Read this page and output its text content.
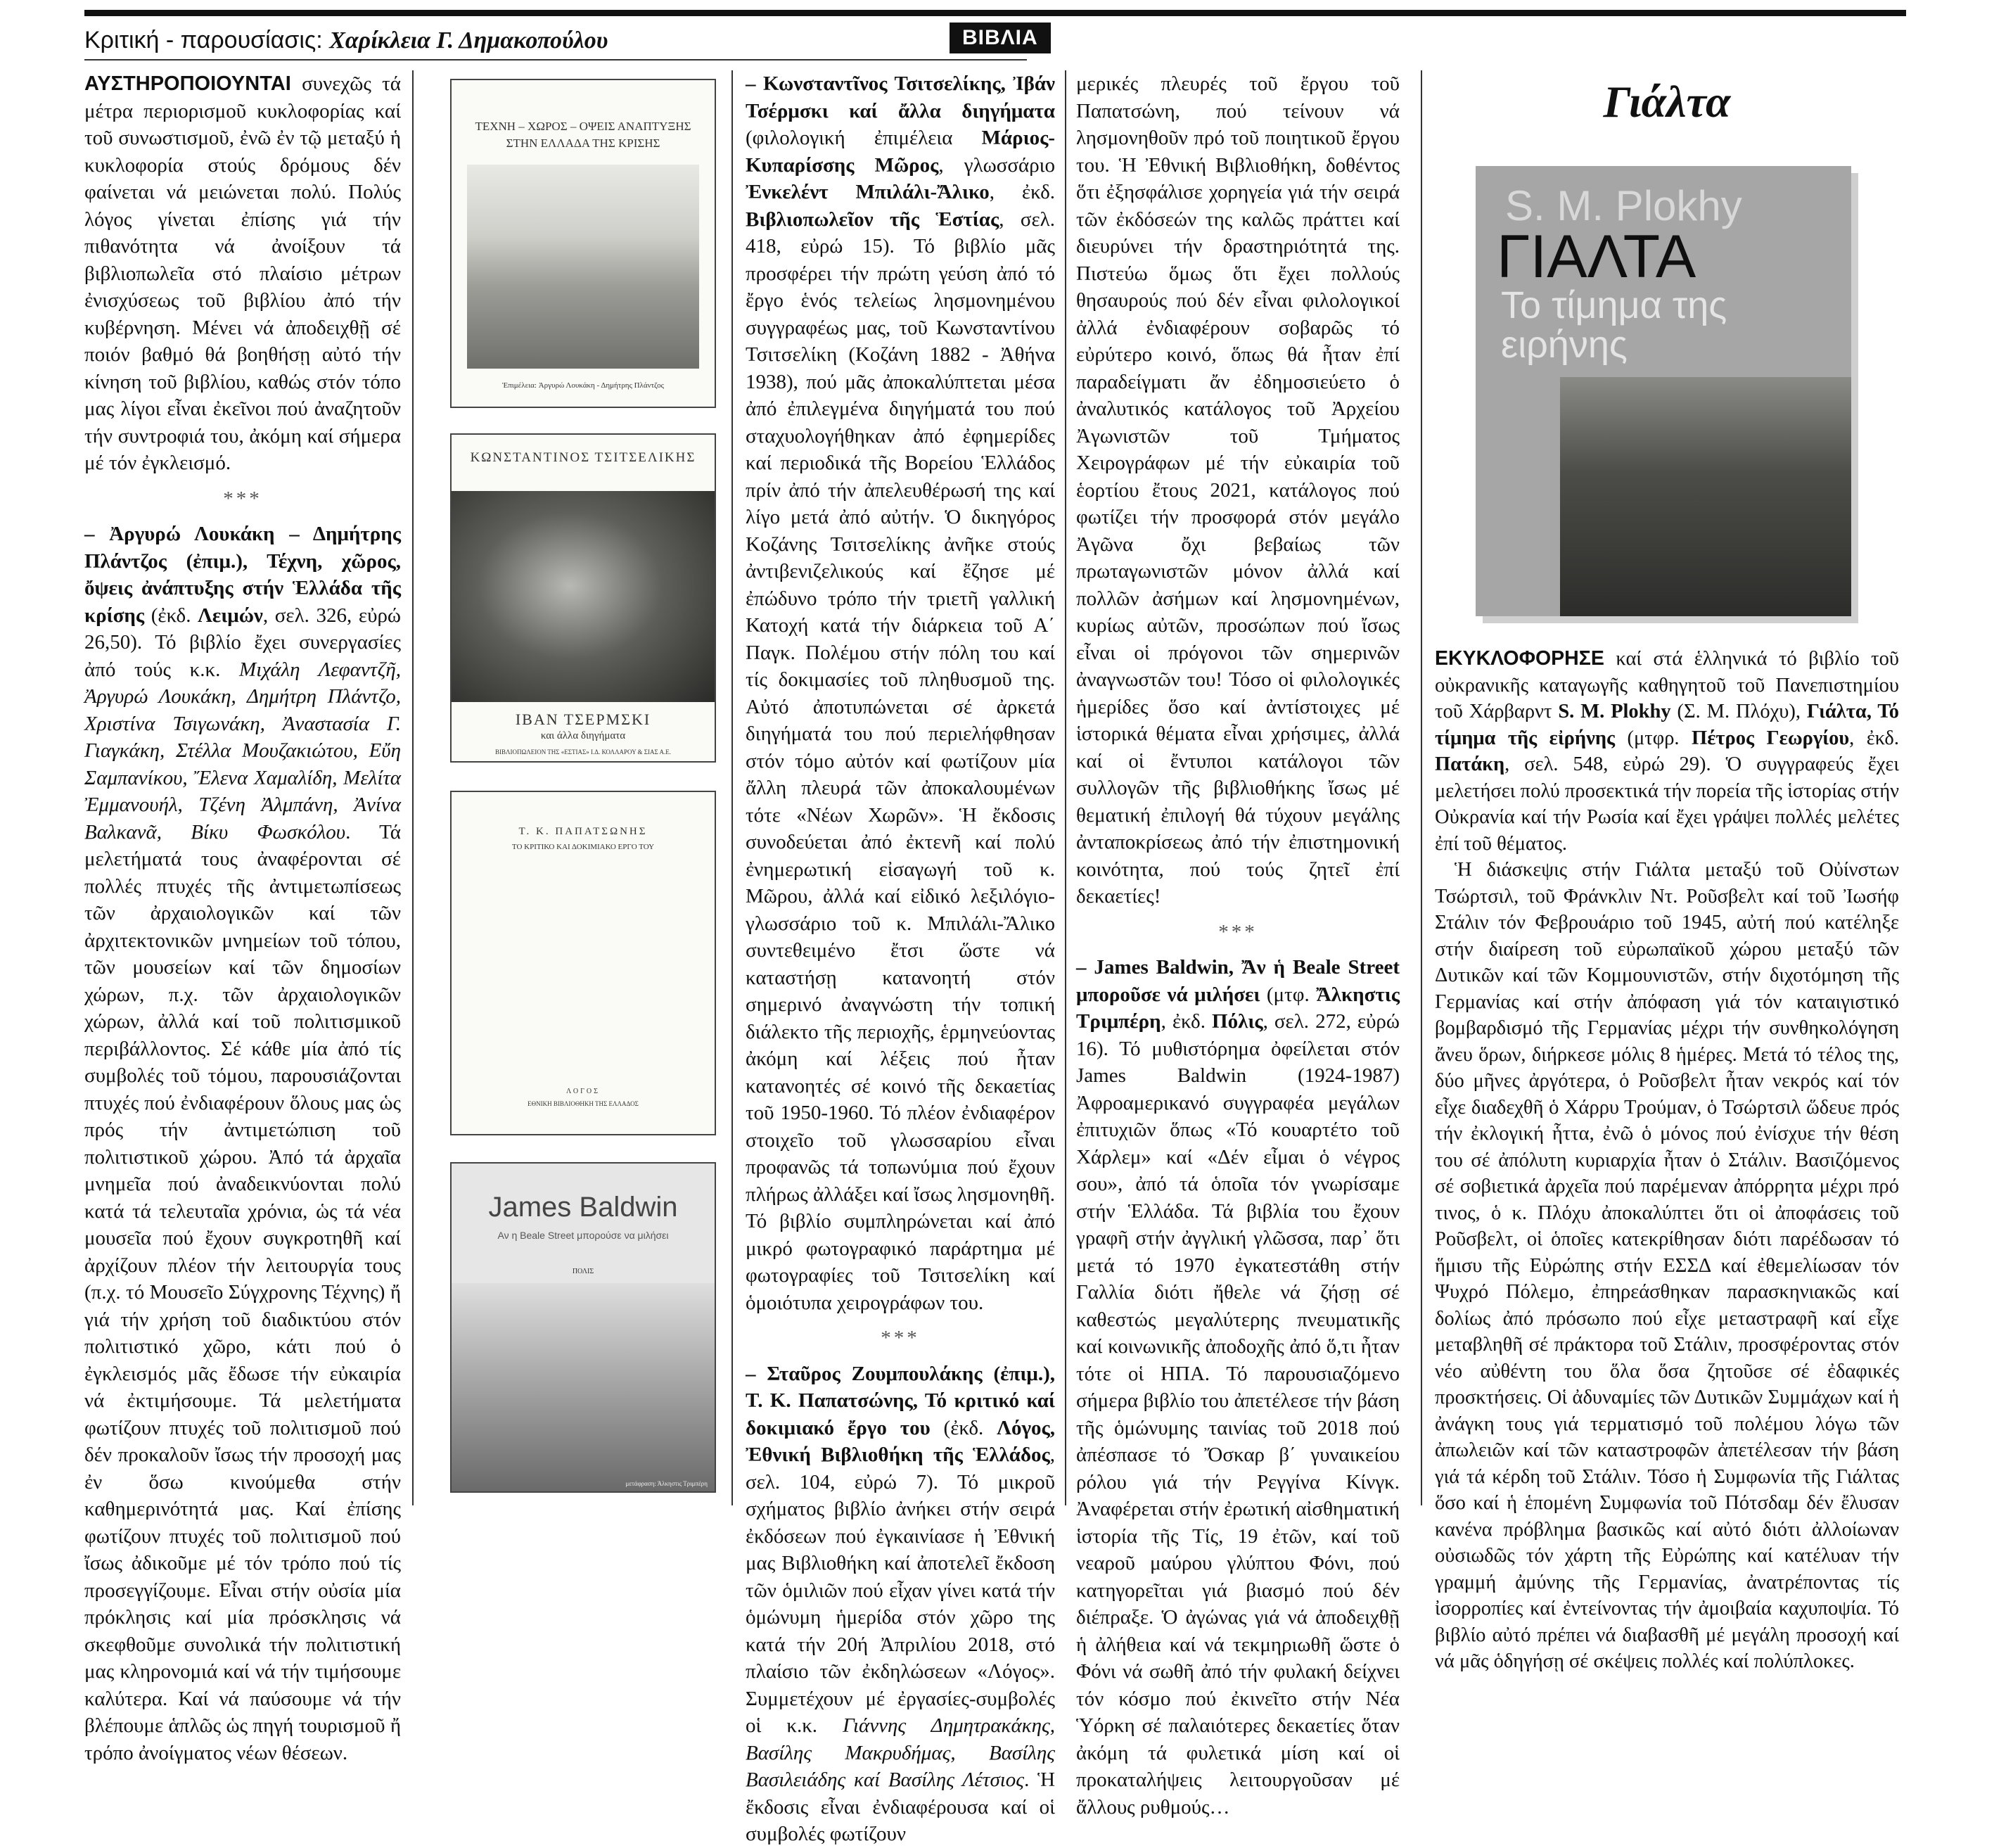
Κριτική - παρουσίασις: Χαρίκλεια Γ. Δημακοπούλου	ΒΙΒΛΙΑ

ΑΥΣΤΗΡΟΠΟΙΟΥΝΤΑΙ συνεχῶς τά μέτρα περιορισμοῦ κυκλοφορίας καί τοῦ συνωστισμοῦ, ἐνῶ ἐν τῷ μεταξύ ἡ κυκλοφορία στούς δρόμους δέν φαίνεται νά μειώνεται πολύ. Πολύς λόγος γίνεται ἐπίσης γιά τήν πιθανότητα νά ἀνοίξουν τά βιβλιοπωλεῖα στό πλαίσιο μέτρων ἐνισχύσεως τοῦ βιβλίου ἀπό τήν κυβέρνηση. Μένει νά ἀποδειχθῇ σέ ποιόν βαθμό θά βοηθήσῃ αὐτό τήν κίνηση τοῦ βιβλίου, καθώς στόν τόπο μας λίγοι εἶναι ἐκεῖνοι πού ἀναζητοῦν τήν συντροφιά του, ἀκόμη καί σήμερα μέ τόν ἐγκλεισμό.

***

– Ἀργυρώ Λουκάκη – Δημήτρης Πλάντζος (ἐπιμ.), Τέχνη, χῶρος, ὄψεις ἀνάπτυξης στήν Ἑλλάδα τῆς κρίσης (ἐκδ. Λειμών, σελ. 326, εὐρώ 26,50). Τό βιβλίο ἔχει συνεργασίες ἀπό τούς κ.κ. Μιχάλη Λεφαντζῆ, Ἀργυρώ Λουκάκη, Δημήτρη Πλάντζο, Χριστίνα Τσιγωνάκη, Ἀναστασία Γ. Γιαγκάκη, Στέλλα Μουζακιώτου, Εὔη Σαμπανίκου, Ἔλενα Χαμαλίδη, Μελίτα Ἐμμανουήλ, Τζένη Ἀλμπάνη, Ἀνίνα Βαλκανᾶ, Βίκυ Φωσκόλου. Τά μελετήματά τους ἀναφέρονται σέ πολλές πτυχές τῆς ἀντιμετωπίσεως τῶν ἀρχαιολογικῶν καί τῶν ἀρχιτεκτονικῶν μνημείων τοῦ τόπου, τῶν μουσείων καί τῶν δημοσίων χώρων, π.χ. τῶν ἀρχαιολογικῶν χώρων, ἀλλά καί τοῦ πολιτισμικοῦ περιβάλλοντος. Σέ κάθε μία ἀπό τίς συμβολές τοῦ τόμου, παρουσιάζονται πτυχές πού ἐνδιαφέρουν ὅλους μας ὡς πρός τήν ἀντιμετώπιση τοῦ πολιτιστικοῦ χώρου. Ἀπό τά ἀρχαῖα μνημεῖα πού ἀναδεικνύονται πολύ κατά τά τελευταῖα χρόνια, ὡς τά νέα μουσεῖα πού ἔχουν συγκροτηθῆ καί ἀρχίζουν πλέον τήν λειτουργία τους (π.χ. τό Μουσεῖο Σύγχρονης Τέχνης) ἤ γιά τήν χρήση τοῦ διαδικτύου στόν πολιτιστικό χῶρο, κάτι πού ὁ ἐγκλεισμός μᾶς ἔδωσε τήν εὐκαιρία νά ἐκτιμήσουμε. Τά μελετήματα φωτίζουν πτυχές τοῦ πολιτισμοῦ πού δέν προκαλοῦν ἴσως τήν προσοχή μας ἐν ὅσω κινούμεθα στήν καθημερινότητά μας. Καί ἐπίσης φωτίζουν πτυχές τοῦ πολιτισμοῦ πού ἴσως ἀδικοῦμε μέ τόν τρόπο πού τίς προσεγγίζουμε. Εἶναι στήν οὐσία μία πρόκλησις καί μία πρόσκλησις νά σκεφθοῦμε συνολικά τήν πολιτιστική μας κληρονομιά καί νά τήν τιμήσουμε καλύτερα. Καί νά παύσουμε νά τήν βλέπουμε ἁπλῶς ὡς πηγή τουρισμοῦ ἤ τρόπο ἀνοίγματος νέων θέσεων.

ΤΕΧΝΗ – ΧΩΡΟΣ – ΟΨΕΙΣ ΑΝΑΠΤΥΞΗΣ ΣΤΗΝ ΕΛΛΑΔΑ ΤΗΣ ΚΡΙΣΗΣ
Ἐπιμέλεια: Ἀργυρώ Λουκάκη - Δημήτρης Πλάντζος
ΚΩΝΣΤΑΝΤΙΝΟΣ ΤΣΙΤΣΕΛΙΚΗΣ
ΙΒΑΝ ΤΣΕΡΜΣΚΙ
και άλλα διηγήματα
ΒΙΒΛΙΟΠΩΛΕΙΟΝ ΤΗΣ «ΕΣΤΙΑΣ» Ι.Δ. ΚΟΛΛΑΡΟΥ & ΣΙΑΣ Α.Ε.
Τ. Κ. ΠΑΠΑΤΣΩΝΗΣ
ΤΟ ΚΡΙΤΙΚΟ ΚΑΙ ΔΟΚΙΜΙΑΚΟ ΕΡΓΟ ΤΟΥ
ΛΟΓΟΣ
ΕΘΝΙΚΗ ΒΙΒΛΙΟΘΗΚΗ ΤΗΣ ΕΛΛΑΔΟΣ
James Baldwin
Αν η Beale Street μπορούσε να μιλήσει
ΠΟΛΙΣ
μετάφραση: Άλκηστις Τριμπέρη

– Κωνσταντῖνος Τσιτσελίκης, Ἰβάν Τσέρμσκι καί ἄλλα διηγήματα (φιλολογική ἐπιμέλεια Μάριος-Κυπαρίσσης Μῶρος, γλωσσάριο Ἐνκελέντ Μπιλάλι-Ἄλικο, ἐκδ. Βιβλιοπωλεῖον τῆς Ἑστίας, σελ. 418, εὐρώ 15). Τό βιβλίο μᾶς προσφέρει τήν πρώτη γεύση ἀπό τό ἔργο ἑνός τελείως λησμονημένου συγγραφέως μας, τοῦ Κωνσταντίνου Τσιτσελίκη (Κοζάνη 1882 - Ἀθήνα 1938), πού μᾶς ἀποκαλύπτεται μέσα ἀπό ἐπιλεγμένα διηγήματά του πού σταχυολογήθηκαν ἀπό ἐφημερίδες καί περιοδικά τῆς Βορείου Ἑλλάδος πρίν ἀπό τήν ἀπελευθέρωσή της καί λίγο μετά ἀπό αὐτήν. Ὁ δικηγόρος Κοζάνης Τσιτσελίκης ἀνῆκε στούς ἀντιβενιζελικούς καί ἔζησε μέ ἐπώδυνο τρόπο τήν τριετῆ γαλλική Κατοχή κατά τήν διάρκεια τοῦ Α΄ Παγκ. Πολέμου στήν πόλη του καί τίς δοκιμασίες τοῦ πληθυσμοῦ της. Αὐτό ἀποτυπώνεται σέ ἀρκετά διηγήματά του πού περιελήφθησαν στόν τόμο αὐτόν καί φωτίζουν μία ἄλλη πλευρά τῶν ἀποκαλουμένων τότε «Νέων Χωρῶν». Ἡ ἔκδοσις συνοδεύεται ἀπό ἐκτενῆ καί πολύ ἐνημερωτική εἰσαγωγή τοῦ κ. Μῶρου, ἀλλά καί εἰδικό λεξιλόγιο-γλωσσάριο τοῦ κ. Μπιλάλι-Ἄλικο συντεθειμένο ἔτσι ὥστε νά καταστήσῃ κατανοητή στόν σημερινό ἀναγνώστη τήν τοπική διάλεκτο τῆς περιοχῆς, ἑρμηνεύοντας ἀκόμη καί λέξεις πού ἦταν κατανοητές σέ κοινό τῆς δεκαετίας τοῦ 1950-1960. Τό πλέον ἐνδιαφέρον στοιχεῖο τοῦ γλωσσαρίου εἶναι προφανῶς τά τοπωνύμια πού ἔχουν πλήρως ἀλλάξει καί ἴσως λησμονηθῆ. Τό βιβλίο συμπληρώνεται καί ἀπό μικρό φωτογραφικό παράρτημα μέ φωτογραφίες τοῦ Τσιτσελίκη καί ὁμοιότυπα χειρογράφων του.

***

– Σταῦρος Ζουμπουλάκης (ἐπιμ.), Τ. Κ. Παπατσώνης, Τό κριτικό καί δοκιμιακό ἔργο του (ἐκδ. Λόγος, Ἐθνική Βιβλιοθήκη τῆς Ἑλλάδος, σελ. 104, εὐρώ 7). Τό μικροῦ σχήματος βιβλίο ἀνήκει στήν σειρά ἐκδόσεων πού ἐγκαινίασε ἡ Ἐθνική μας Βιβλιοθήκη καί ἀποτελεῖ ἔκδοση τῶν ὁμιλιῶν πού εἶχαν γίνει κατά τήν ὁμώνυμη ἡμερίδα στόν χῶρο της κατά τήν 20ή Ἀπριλίου 2018, στό πλαίσιο τῶν ἐκδηλώσεων «Λόγος». Συμμετέχουν μέ ἐργασίες-συμβολές οἱ κ.κ. Γιάννης Δημητρακάκης, Βασίλης Μακρυδήμας, Βασίλης Βασιλειάδης καί Βασίλης Λέτσιος. Ἡ ἔκδοσις εἶναι ἐνδιαφέρουσα καί οἱ συμβολές φωτίζουν

μερικές πλευρές τοῦ ἔργου τοῦ Παπατσώνη, πού τείνουν νά λησμονηθοῦν πρό τοῦ ποιητικοῦ ἔργου του. Ἡ Ἐθνική Βιβλιοθήκη, δοθέντος ὅτι ἐξησφάλισε χορηγεία γιά τήν σειρά τῶν ἐκδόσεών της καλῶς πράττει καί διευρύνει τήν δραστηριότητά της. Πιστεύω ὅμως ὅτι ἔχει πολλούς θησαυρούς πού δέν εἶναι φιλολογικοί ἀλλά ἐνδιαφέρουν σοβαρῶς τό εὐρύτερο κοινό, ὅπως θά ἦταν ἐπί παραδείγματι ἄν ἐδημοσιεύετο ὁ ἀναλυτικός κατάλογος τοῦ Ἀρχείου Ἀγωνιστῶν τοῦ Τμήματος Χειρογράφων μέ τήν εὐκαιρία τοῦ ἑορτίου ἔτους 2021, κατάλογος πού φωτίζει τήν προσφορά στόν μεγάλο Ἀγῶνα ὄχι βεβαίως τῶν πρωταγωνιστῶν μόνον ἀλλά καί πολλῶν ἀσήμων καί λησμονημένων, κυρίως αὐτῶν, προσώπων πού ἴσως εἶναι οἱ πρόγονοι τῶν σημερινῶν ἀναγνωστῶν του! Τόσο οἱ φιλολογικές ἡμερίδες ὅσο καί ἀντίστοιχες μέ ἱστορικά θέματα εἶναι χρήσιμες, ἀλλά καί οἱ ἔντυποι κατάλογοι τῶν συλλογῶν τῆς βιβλιοθήκης ἴσως μέ θεματική ἐπιλογή θά τύχουν μεγάλης ἀνταποκρίσεως ἀπό τήν ἐπιστημονική κοινότητα, πού τούς ζητεῖ ἐπί δεκαετίες!

***

– James Baldwin, Ἄν ἡ Beale Street μποροῦσε νά μιλήσει (μτφ. Ἄλκηστις Τριμπέρη, ἐκδ. Πόλις, σελ. 272, εὐρώ 16). Τό μυθιστόρημα ὀφείλεται στόν James Baldwin (1924-1987) Ἀφροαμερικανό συγγραφέα μεγάλων ἐπιτυχιῶν ὅπως «Τό κουαρτέτο τοῦ Χάρλεμ» καί «Δέν εἶμαι ὁ νέγρος σου», ἀπό τά ὁποῖα τόν γνωρίσαμε στήν Ἑλλάδα. Τά βιβλία του ἔχουν γραφῆ στήν ἀγγλική γλῶσσα, παρ᾽ ὅτι μετά τό 1970 ἐγκατεστάθη στήν Γαλλία διότι ἤθελε νά ζήσῃ σέ καθεστώς μεγαλύτερης πνευματικῆς καί κοινωνικῆς ἀποδοχῆς ἀπό ὅ,τι ἦταν τότε οἱ ΗΠΑ. Τό παρουσιαζόμενο σήμερα βιβλίο του ἀπετέλεσε τήν βάση τῆς ὁμώνυμης ταινίας τοῦ 2018 πού ἀπέσπασε τό Ὄσκαρ β΄ γυναικείου ρόλου γιά τήν Ρεγγίνα Κίνγκ. Ἀναφέρεται στήν ἐρωτική αἰσθηματική ἱστορία τῆς Τίς, 19 ἐτῶν, καί τοῦ νεαροῦ μαύρου γλύπτου Φόνι, πού κατηγορεῖται γιά βιασμό πού δέν διέπραξε. Ὁ ἀγώνας γιά νά ἀποδειχθῇ ἡ ἀλήθεια καί νά τεκμηριωθῆ ὥστε ὁ Φόνι νά σωθῆ ἀπό τήν φυλακή δείχνει τόν κόσμο πού ἐκινεῖτο στήν Νέα Ὑόρκη σέ παλαιότερες δεκαετίες ὅταν ἀκόμη τά φυλετικά μίση καί οἱ προκαταλήψεις λειτουργοῦσαν μέ ἄλλους ρυθμούς…

Γιάλτα
S. M. Plokhy
ΓΙΑΛΤΑ
Το τίμημα της ειρήνης

ΕΚΥΚΛΟΦΟΡΗΣΕ καί στά ἑλληνικά τό βιβλίο τοῦ οὐκρανικῆς καταγωγῆς καθηγητοῦ τοῦ Πανεπιστημίου τοῦ Χάρβαρντ S. M. Plokhy (Σ. Μ. Πλόχυ), Γιάλτα, Τό τίμημα τῆς εἰρήνης (μτφρ. Πέτρος Γεωργίου, ἐκδ. Πατάκη, σελ. 548, εὐρώ 29). Ὁ συγγραφεύς ἔχει μελετήσει πολύ προσεκτικά τήν πορεία τῆς ἱστορίας στήν Οὐκρανία καί τήν Ρωσία καί ἔχει γράψει πολλές μελέτες ἐπί τοῦ θέματος.

Ἡ διάσκεψις στήν Γιάλτα μεταξύ τοῦ Οὐίνστων Τσώρτσιλ, τοῦ Φράνκλιν Ντ. Ροῦσβελτ καί τοῦ Ἰωσήφ Στάλιν τόν Φεβρουάριο τοῦ 1945, αὐτή πού κατέληξε στήν διαίρεση τοῦ εὐρωπαϊκοῦ χώρου μεταξύ τῶν Δυτικῶν καί τῶν Κομμουνιστῶν, στήν διχοτόμηση τῆς Γερμανίας καί στήν ἀπόφαση γιά τόν καταιγιστικό βομβαρδισμό τῆς Γερμανίας μέχρι τήν συνθηκολόγηση ἄνευ ὅρων, διήρκεσε μόλις 8 ἡμέρες. Μετά τό τέλος της, δύο μῆνες ἀργότερα, ὁ Ροῦσβελτ ἦταν νεκρός καί τόν εἶχε διαδεχθῆ ὁ Χάρρυ Τρούμαν, ὁ Τσώρτσιλ ὥδευε πρός τήν ἐκλογική ἧττα, ἐνῶ ὁ μόνος πού ἐνίσχυε τήν θέση του σέ ἀπόλυτη κυριαρχία ἦταν ὁ Στάλιν. Βασιζόμενος σέ σοβιετικά ἀρχεῖα πού παρέμεναν ἀπόρρητα μέχρι πρό τινος, ὁ κ. Πλόχυ ἀποκαλύπτει ὅτι οἱ ἀποφάσεις τοῦ Ροῦσβελτ, οἱ ὁποῖες κατεκρίθησαν διότι παρέδωσαν τό ἥμισυ τῆς Εὐρώπης στήν ΕΣΣΔ καί ἐθεμελίωσαν τόν Ψυχρό Πόλεμο, ἐπηρεάσθηκαν παρασκηνιακῶς καί δολίως ἀπό πρόσωπο πού εἶχε μεταστραφῆ καί εἶχε μεταβληθῆ σέ πράκτορα τοῦ Στάλιν, προσφέροντας στόν νέο αὐθέντη του ὅλα ὅσα ζητοῦσε σέ ἐδαφικές προσκτήσεις. Οἱ ἀδυναμίες τῶν Δυτικῶν Συμμάχων καί ἡ ἀνάγκη τους γιά τερματισμό τοῦ πολέμου λόγω τῶν ἀπωλειῶν καί τῶν καταστροφῶν ἀπετέλεσαν τήν βάση γιά τά κέρδη τοῦ Στάλιν. Τόσο ἡ Συμφωνία τῆς Γιάλτας ὅσο καί ἡ ἑπομένη Συμφωνία τοῦ Πότσδαμ δέν ἔλυσαν κανένα πρόβλημα βασικῶς καί αὐτό διότι ἀλλοίωναν οὐσιωδῶς τόν χάρτη τῆς Εὐρώπης καί κατέλυαν τήν γραμμή ἀμύνης τῆς Γερμανίας, ἀνατρέποντας τίς ἰσορροπίες καί ἐντείνοντας τήν ἀμοιβαία καχυποψία. Τό βιβλίο αὐτό πρέπει νά διαβασθῆ μέ μεγάλη προσοχή καί νά μᾶς ὁδηγήσῃ σέ σκέψεις πολλές καί πολύπλοκες.
